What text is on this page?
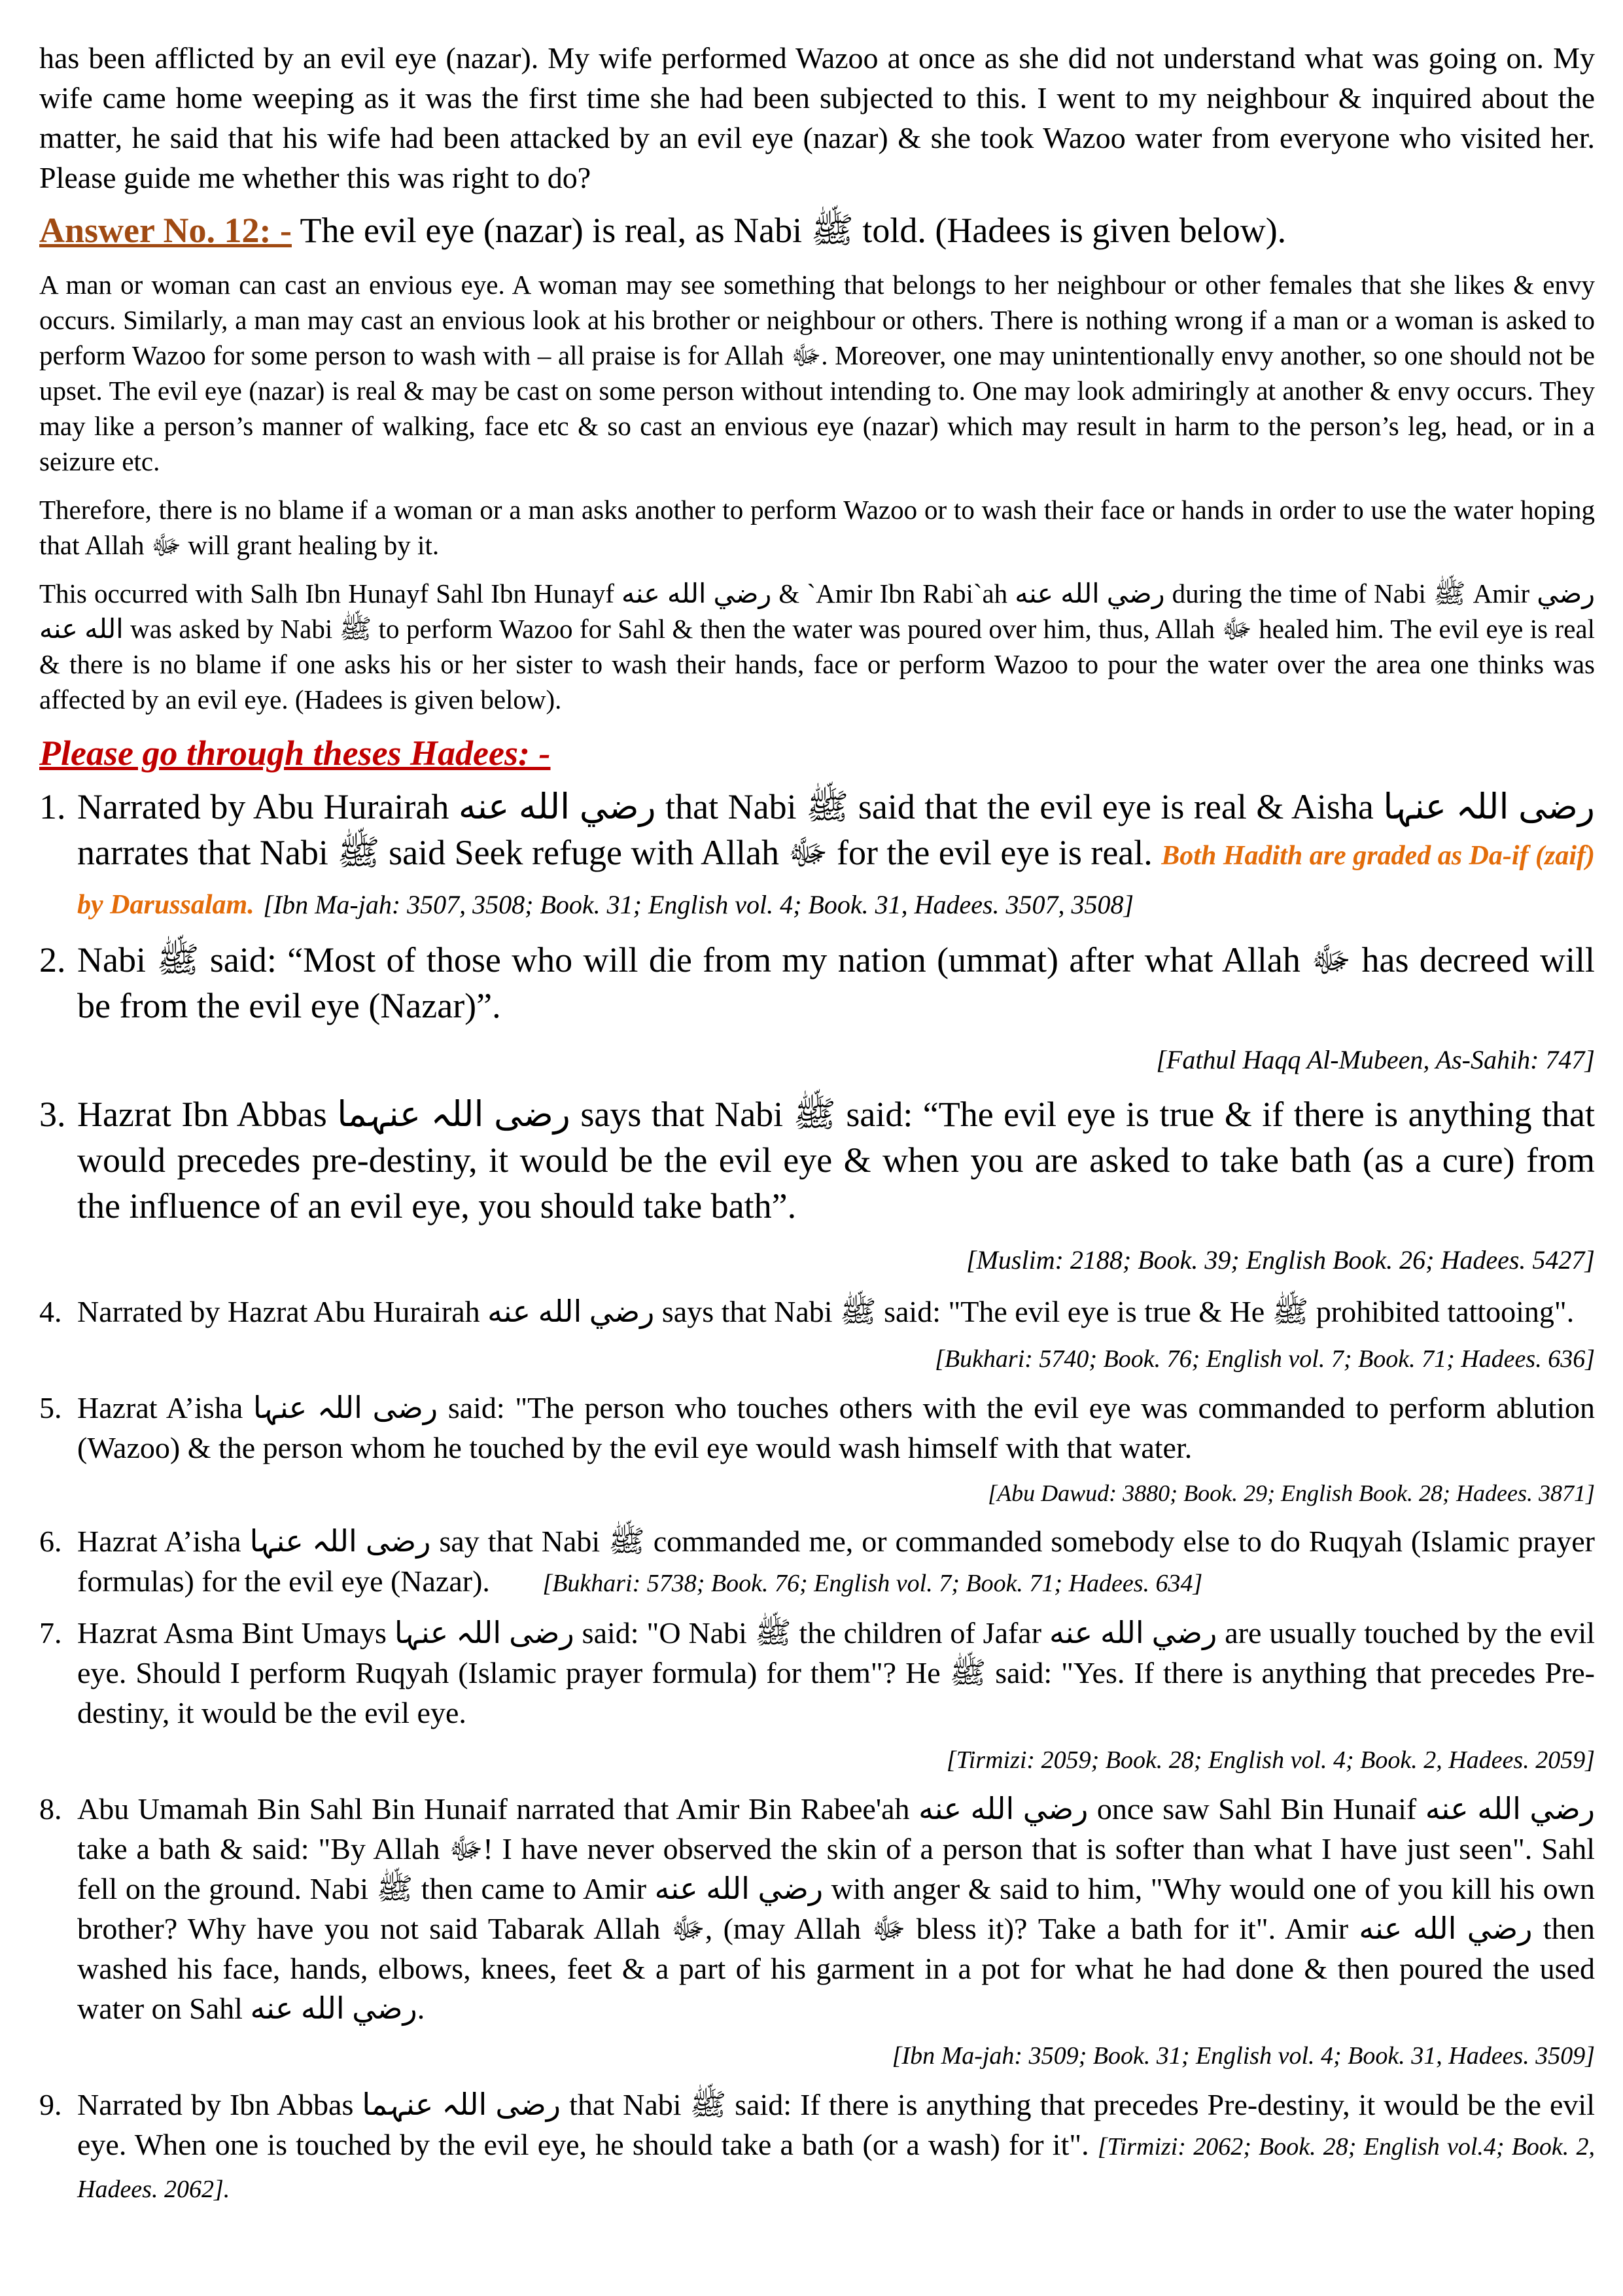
has been afflicted by an evil eye (nazar). My wife performed Wazoo at once as she did not understand what was going on. My wife came home weeping as it was the first time she had been subjected to this. I went to my neighbour & inquired about the matter, he said that his wife had been attacked by an evil eye (nazar) & she took Wazoo water from everyone who visited her. Please guide me whether this was right to do?

Answer No. 12: - The evil eye (nazar) is real, as Nabi ﷺ told. (Hadees is given below).

A man or woman can cast an envious eye. A woman may see something that belongs to her neighbour or other females that she likes & envy occurs. Similarly, a man may cast an envious look at his brother or neighbour or others. There is nothing wrong if a man or a woman is asked to perform Wazoo for some person to wash with – all praise is for Allah ﷻ. Moreover, one may unintentionally envy another, so one should not be upset. The evil eye (nazar) is real & may be cast on some person without intending to. One may look admiringly at another & envy occurs. They may like a person’s manner of walking, face etc & so cast an envious eye (nazar) which may result in harm to the person’s leg, head, or in a seizure etc.

Therefore, there is no blame if a woman or a man asks another to perform Wazoo or to wash their face or hands in order to use the water hoping that Allah ﷻ will grant healing by it.

This occurred with Salh Ibn Hunayf Sahl Ibn Hunayf رضي الله عنه & `Amir Ibn Rabi`ah رضي الله عنه during the time of Nabi ﷺ Amir رضي الله عنه was asked by Nabi ﷺ to perform Wazoo for Sahl & then the water was poured over him, thus, Allah ﷻ healed him. The evil eye is real & there is no blame if one asks his or her sister to wash their hands, face or perform Wazoo to pour the water over the area one thinks was affected by an evil eye. (Hadees is given below).

Please go through theses Hadees: -
1. Narrated by Abu Hurairah رضي الله عنه that Nabi ﷺ said that the evil eye is real & Aisha رضی اللہ عنہا narrates that Nabi ﷺ said Seek refuge with Allah ﷻ for the evil eye is real. Both Hadith are graded as Da-if (zaif) by Darussalam. [Ibn Ma-jah: 3507, 3508; Book. 31; English vol. 4; Book. 31, Hadees. 3507, 3508]
2. Nabi ﷺ said: “Most of those who will die from my nation (ummat) after what Allah ﷻ has decreed will be from the evil eye (Nazar)”.
[Fathul Haqq Al-Mubeen, As-Sahih: 747]
3. Hazrat Ibn Abbas رضی اللہ عنہما says that Nabi ﷺ said: “The evil eye is true & if there is anything that would precedes pre-destiny, it would be the evil eye & when you are asked to take bath (as a cure) from the influence of an evil eye, you should take bath”.
[Muslim: 2188; Book. 39; English Book. 26; Hadees. 5427]
4. Narrated by Hazrat Abu Hurairah رضي الله عنه says that Nabi ﷺ said: "The evil eye is true & He ﷺ prohibited tattooing".
[Bukhari: 5740; Book. 76; English vol. 7; Book. 71; Hadees. 636]
5. Hazrat A’isha رضی اللہ عنہا said: "The person who touches others with the evil eye was commanded to perform ablution (Wazoo) & the person whom he touched by the evil eye would wash himself with that water.
[Abu Dawud: 3880; Book. 29; English Book. 28; Hadees. 3871]
6. Hazrat A’isha رضی اللہ عنہا say that Nabi ﷺ commanded me, or commanded somebody else to do Ruqyah (Islamic prayer formulas) for the evil eye (Nazar). [Bukhari: 5738; Book. 76; English vol. 7; Book. 71; Hadees. 634]
7. Hazrat Asma Bint Umays رضی اللہ عنہا said: "O Nabi ﷺ the children of Jafar رضي الله عنه are usually touched by the evil eye. Should I perform Ruqyah (Islamic prayer formula) for them"? He ﷺ said: "Yes. If there is anything that precedes Pre-destiny, it would be the evil eye.
[Tirmizi: 2059; Book. 28; English vol. 4; Book. 2, Hadees. 2059]
8. Abu Umamah Bin Sahl Bin Hunaif narrated that Amir Bin Rabee'ah رضي الله عنه once saw Sahl Bin Hunaif رضي الله عنه take a bath & said: "By Allah ﷻ! I have never observed the skin of a person that is softer than what I have just seen". Sahl fell on the ground. Nabi ﷺ then came to Amir رضي الله عنه with anger & said to him, "Why would one of you kill his own brother? Why have you not said Tabarak Allah ﷻ, (may Allah ﷻ bless it)? Take a bath for it". Amir رضي الله عنه then washed his face, hands, elbows, knees, feet & a part of his garment in a pot for what he had done & then poured the used water on Sahl رضي الله عنه.
[Ibn Ma-jah: 3509; Book. 31; English vol. 4; Book. 31, Hadees. 3509]
9. Narrated by Ibn Abbas رضی اللہ عنہما that Nabi ﷺ said: If there is anything that precedes Pre-destiny, it would be the evil eye. When one is touched by the evil eye, he should take a bath (or a wash) for it". [Tirmizi: 2062; Book. 28; English vol.4; Book. 2, Hadees. 2062].
